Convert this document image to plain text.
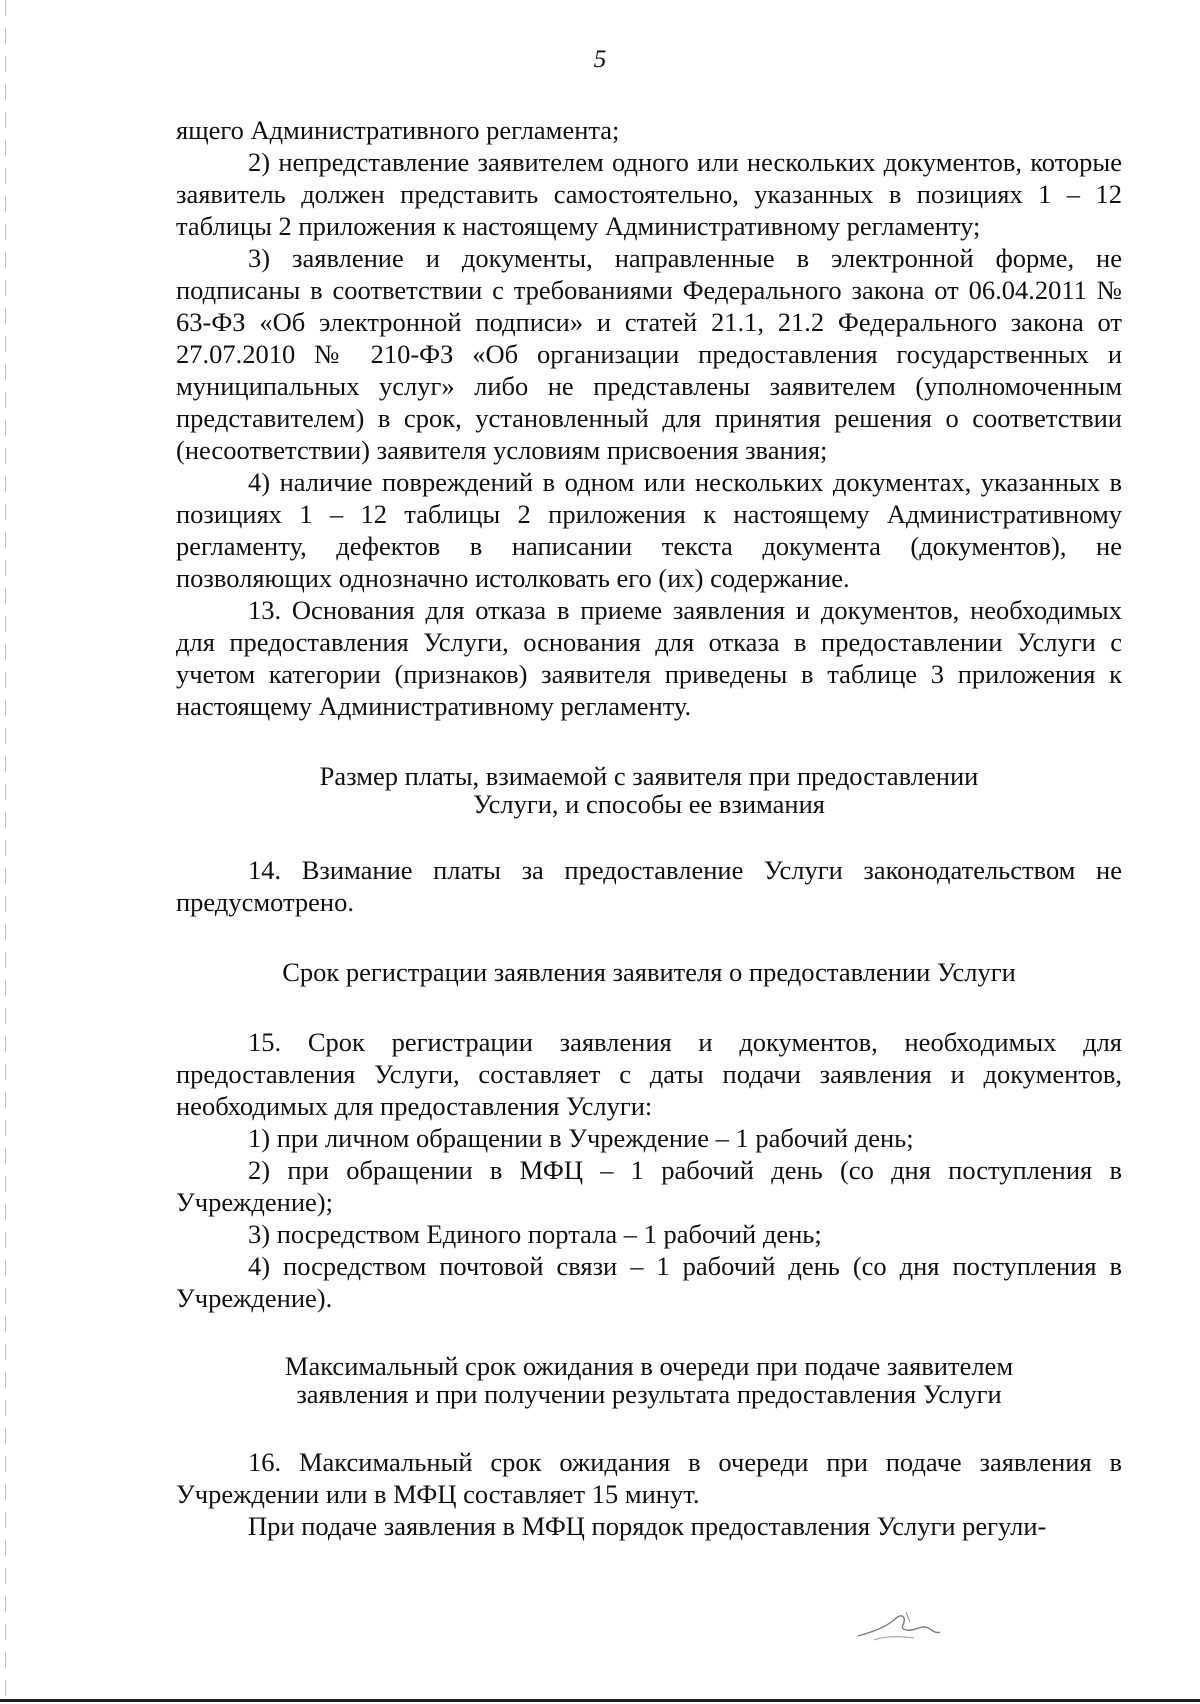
5

ящего Административного регламента;

2) непредставление заявителем одного или нескольких документов, которые заявитель должен представить самостоятельно, указанных в позициях 1 – 12 таблицы 2 приложения к настоящему Административному регламенту;

3) заявление и документы, направленные в электронной форме, не подписаны в соответствии с требованиями Федерального закона от 06.04.2011 № 63-ФЗ «Об электронной подписи» и статей 21.1, 21.2 Федерального закона от 27.07.2010 № 210-ФЗ «Об организации предоставления государственных и муниципальных услуг» либо не представлены заявителем (уполномоченным представителем) в срок, установленный для принятия решения о соответствии (несоответствии) заявителя условиям присвоения звания;

4) наличие повреждений в одном или нескольких документах, указанных в позициях 1 – 12 таблицы 2 приложения к настоящему Административному регламенту, дефектов в написании текста документа (документов), не позволяющих однозначно истолковать его (их) содержание.

13. Основания для отказа в приеме заявления и документов, необходимых для предоставления Услуги, основания для отказа в предоставлении Услуги с учетом категории (признаков) заявителя приведены в таблице 3 приложения к настоящему Административному регламенту.

Размер платы, взимаемой с заявителя при предоставлении

Услуги, и способы ее взимания

14. Взимание платы за предоставление Услуги законодательством не предусмотрено.

Срок регистрации заявления заявителя о предоставлении Услуги

15. Срок регистрации заявления и документов, необходимых для предоставления Услуги, составляет с даты подачи заявления и документов, необходимых для предоставления Услуги:

1) при личном обращении в Учреждение – 1 рабочий день;

2) при обращении в МФЦ – 1 рабочий день (со дня поступления в Учреждение);

3) посредством Единого портала – 1 рабочий день;

4) посредством почтовой связи – 1 рабочий день (со дня поступления в Учреждение).

Максимальный срок ожидания в очереди при подаче заявителем

заявления и при получении результата предоставления Услуги

16. Максимальный срок ожидания в очереди при подаче заявления в Учреждении или в МФЦ составляет 15 минут.

При подаче заявления в МФЦ порядок предоставления Услуги регули-
